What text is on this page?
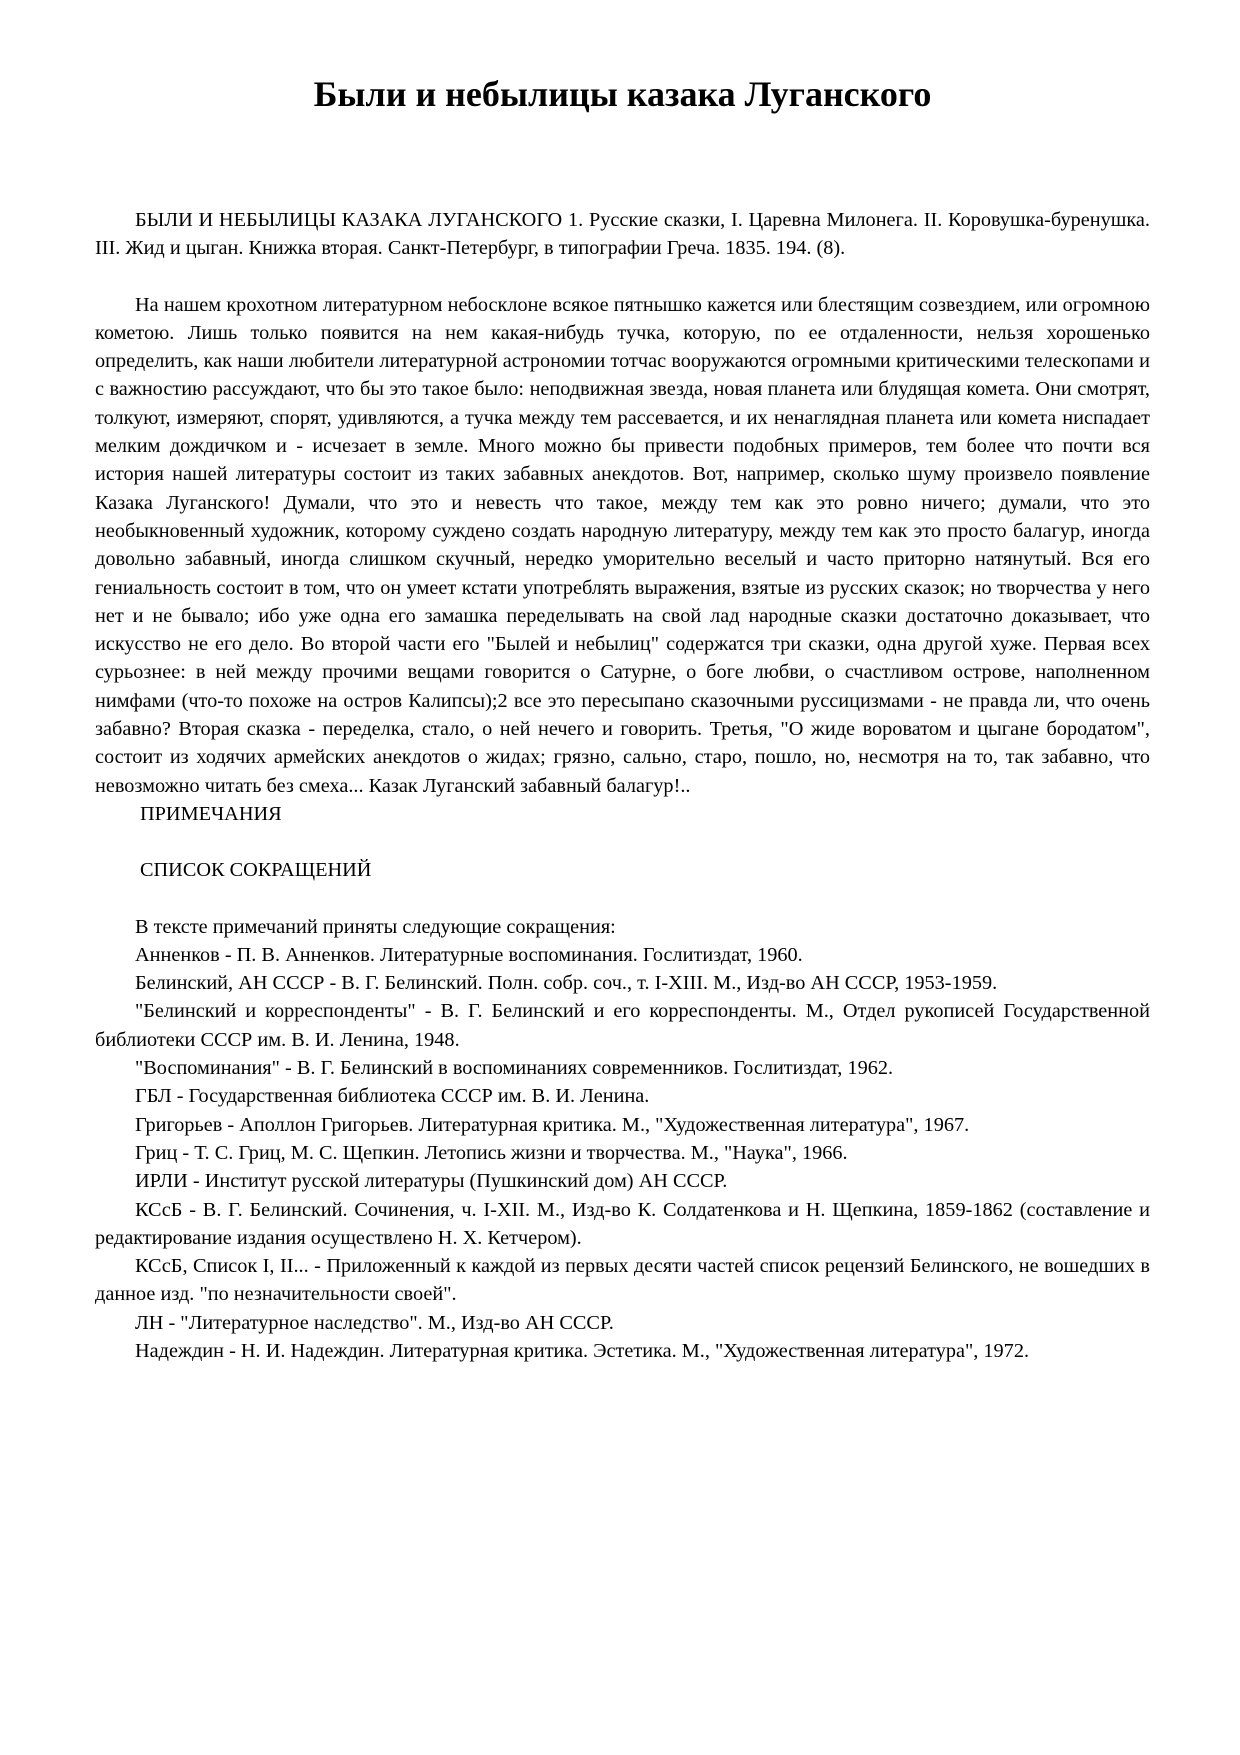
Были и небылицы казака Луганского

БЫЛИ И НЕБЫЛИЦЫ КАЗАКА ЛУГАНСКОГО 1. Русские сказки, I. Царевна Милонега. II. Коровушка-буренушка. III. Жид и цыган. Книжка вторая. Санкт-Петербург, в типографии Греча. 1835. 194. (8).

На нашем крохотном литературном небосклоне всякое пятнышко кажется или блестящим созвездием, или огромною кометою. Лишь только появится на нем какая-нибудь тучка, которую, по ее отдаленности, нельзя хорошенько определить, как наши любители литературной астрономии тотчас вооружаются огромными критическими телескопами и с важностию рассуждают, что бы это такое было: неподвижная звезда, новая планета или блудящая комета. Они смотрят, толкуют, измеряют, спорят, удивляются, а тучка между тем рассевается, и их ненаглядная планета или комета ниспадает мелким дождичком и - исчезает в земле. Много можно бы привести подобных примеров, тем более что почти вся история нашей литературы состоит из таких забавных анекдотов. Вот, например, сколько шуму произвело появление Казака Луганского! Думали, что это и невесть что такое, между тем как это ровно ничего; думали, что это необыкновенный художник, которому суждено создать народную литературу, между тем как это просто балагур, иногда довольно забавный, иногда слишком скучный, нередко уморительно веселый и часто приторно натянутый. Вся его гениальность состоит в том, что он умеет кстати употреблять выражения, взятые из русских сказок; но творчества у него нет и не бывало; ибо уже одна его замашка переделывать на свой лад народные сказки достаточно доказывает, что искусство не его дело. Во второй части его "Былей и небылиц" содержатся три сказки, одна другой хуже. Первая всех сурьознее: в ней между прочими вещами говорится о Сатурне, о боге любви, о счастливом острове, наполненном нимфами (что-то похоже на остров Калипсы);2 все это пересыпано сказочными руссицизмами - не правда ли, что очень забавно? Вторая сказка - переделка, стало, о ней нечего и говорить. Третья, "О жиде вороватом и цыгане бородатом", состоит из ходячих армейских анекдотов о жидах; грязно, сально, старо, пошло, но, несмотря на то, так забавно, что невозможно читать без смеха... Казак Луганский забавный балагур!..

ПРИМЕЧАНИЯ

СПИСОК СОКРАЩЕНИЙ

В тексте примечаний приняты следующие сокращения:

Анненков - П. В. Анненков. Литературные воспоминания. Гослитиздат, 1960.

Белинский, АН СССР - В. Г. Белинский. Полн. собр. соч., т. I-XIII. М., Изд-во АН СССР, 1953-1959.

"Белинский и корреспонденты" - В. Г. Белинский и его корреспонденты. М., Отдел рукописей Государственной библиотеки СССР им. В. И. Ленина, 1948.

"Воспоминания" - В. Г. Белинский в воспоминаниях современников. Гослитиздат, 1962.

ГБЛ - Государственная библиотека СССР им. В. И. Ленина.

Григорьев - Аполлон Григорьев. Литературная критика. М., "Художественная литература", 1967.

Гриц - Т. С. Гриц, М. С. Щепкин. Летопись жизни и творчества. М., "Наука", 1966.

ИРЛИ - Институт русской литературы (Пушкинский дом) АН СССР.

КСсБ - В. Г. Белинский. Сочинения, ч. I-XII. М., Изд-во К. Солдатенкова и Н. Щепкина, 1859-1862 (составление и редактирование издания осуществлено Н. Х. Кетчером).

КСсБ, Список I, II... - Приложенный к каждой из первых десяти частей список рецензий Белинского, не вошедших в данное изд. "по незначительности своей".

ЛН - "Литературное наследство". М., Изд-во АН СССР.

Надеждин - Н. И. Надеждин. Литературная критика. Эстетика. М., "Художественная литература", 1972.
